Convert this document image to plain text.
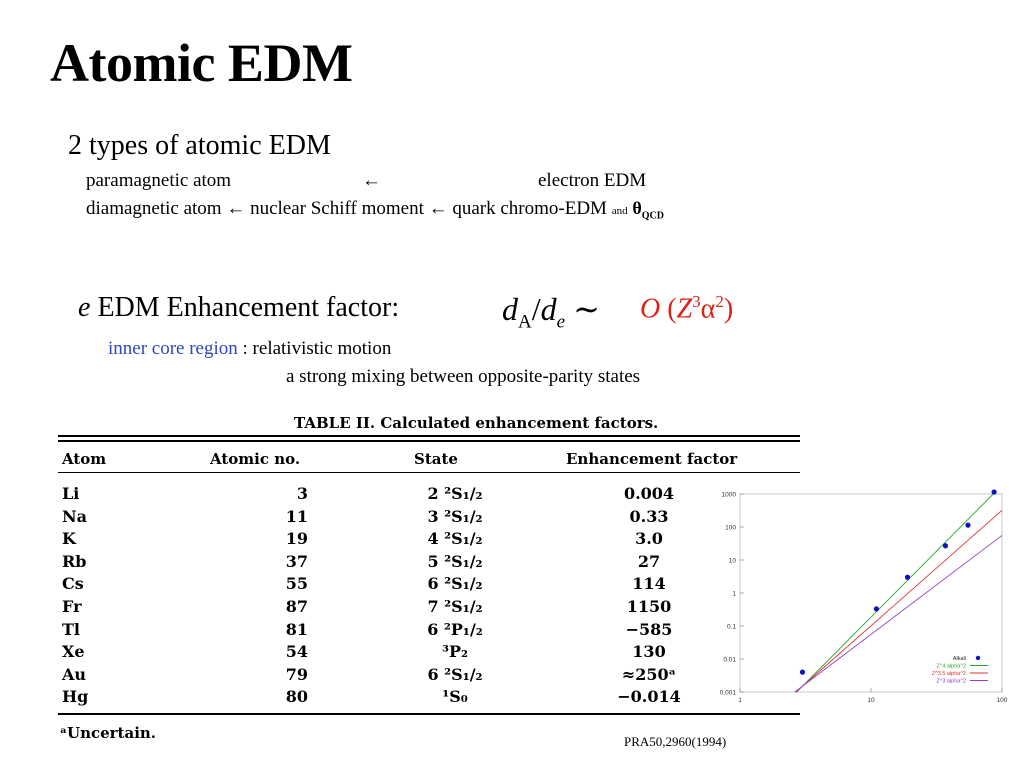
Atomic EDM
2 types of atomic EDM
paramagnetic atom	←	electron EDM
diamagnetic atom ← nuclear Schiff moment ← quark chromo-EDM and $\theta_{QCD}$
e EDM Enhancement factor:	$d_A/d_e$ ∼ O $(Z^3\alpha^2)$
inner core region : relativistic motion
a strong mixing between opposite-parity states
TABLE II. Calculated enhancement factors.
Atom	Atomic no.	State	Enhancement factor
Li	3	2 ²S₁/₂	0.004
Na	11	3 ²S₁/₂	0.33
K	19	4 ²S₁/₂	3.0
Rb	37	5 ²S₁/₂	27
Cs	55	6 ²S₁/₂	114
Fr	87	7 ²S₁/₂	1150
Tl	81	6 ²P₁/₂	−585
Xe	54	³P₂	130
Au	79	6 ²S₁/₂	≈250ᵃ
Hg	80	¹S₀	−0.014
ᵃUncertain.
0.001
0.01
0.1
1
10
100
1000
1	10	100
Alkali
Z^4 alpha^2
Z^3.5 alpha^2
Z^3 alpha^2
PRA50,2960(1994)
